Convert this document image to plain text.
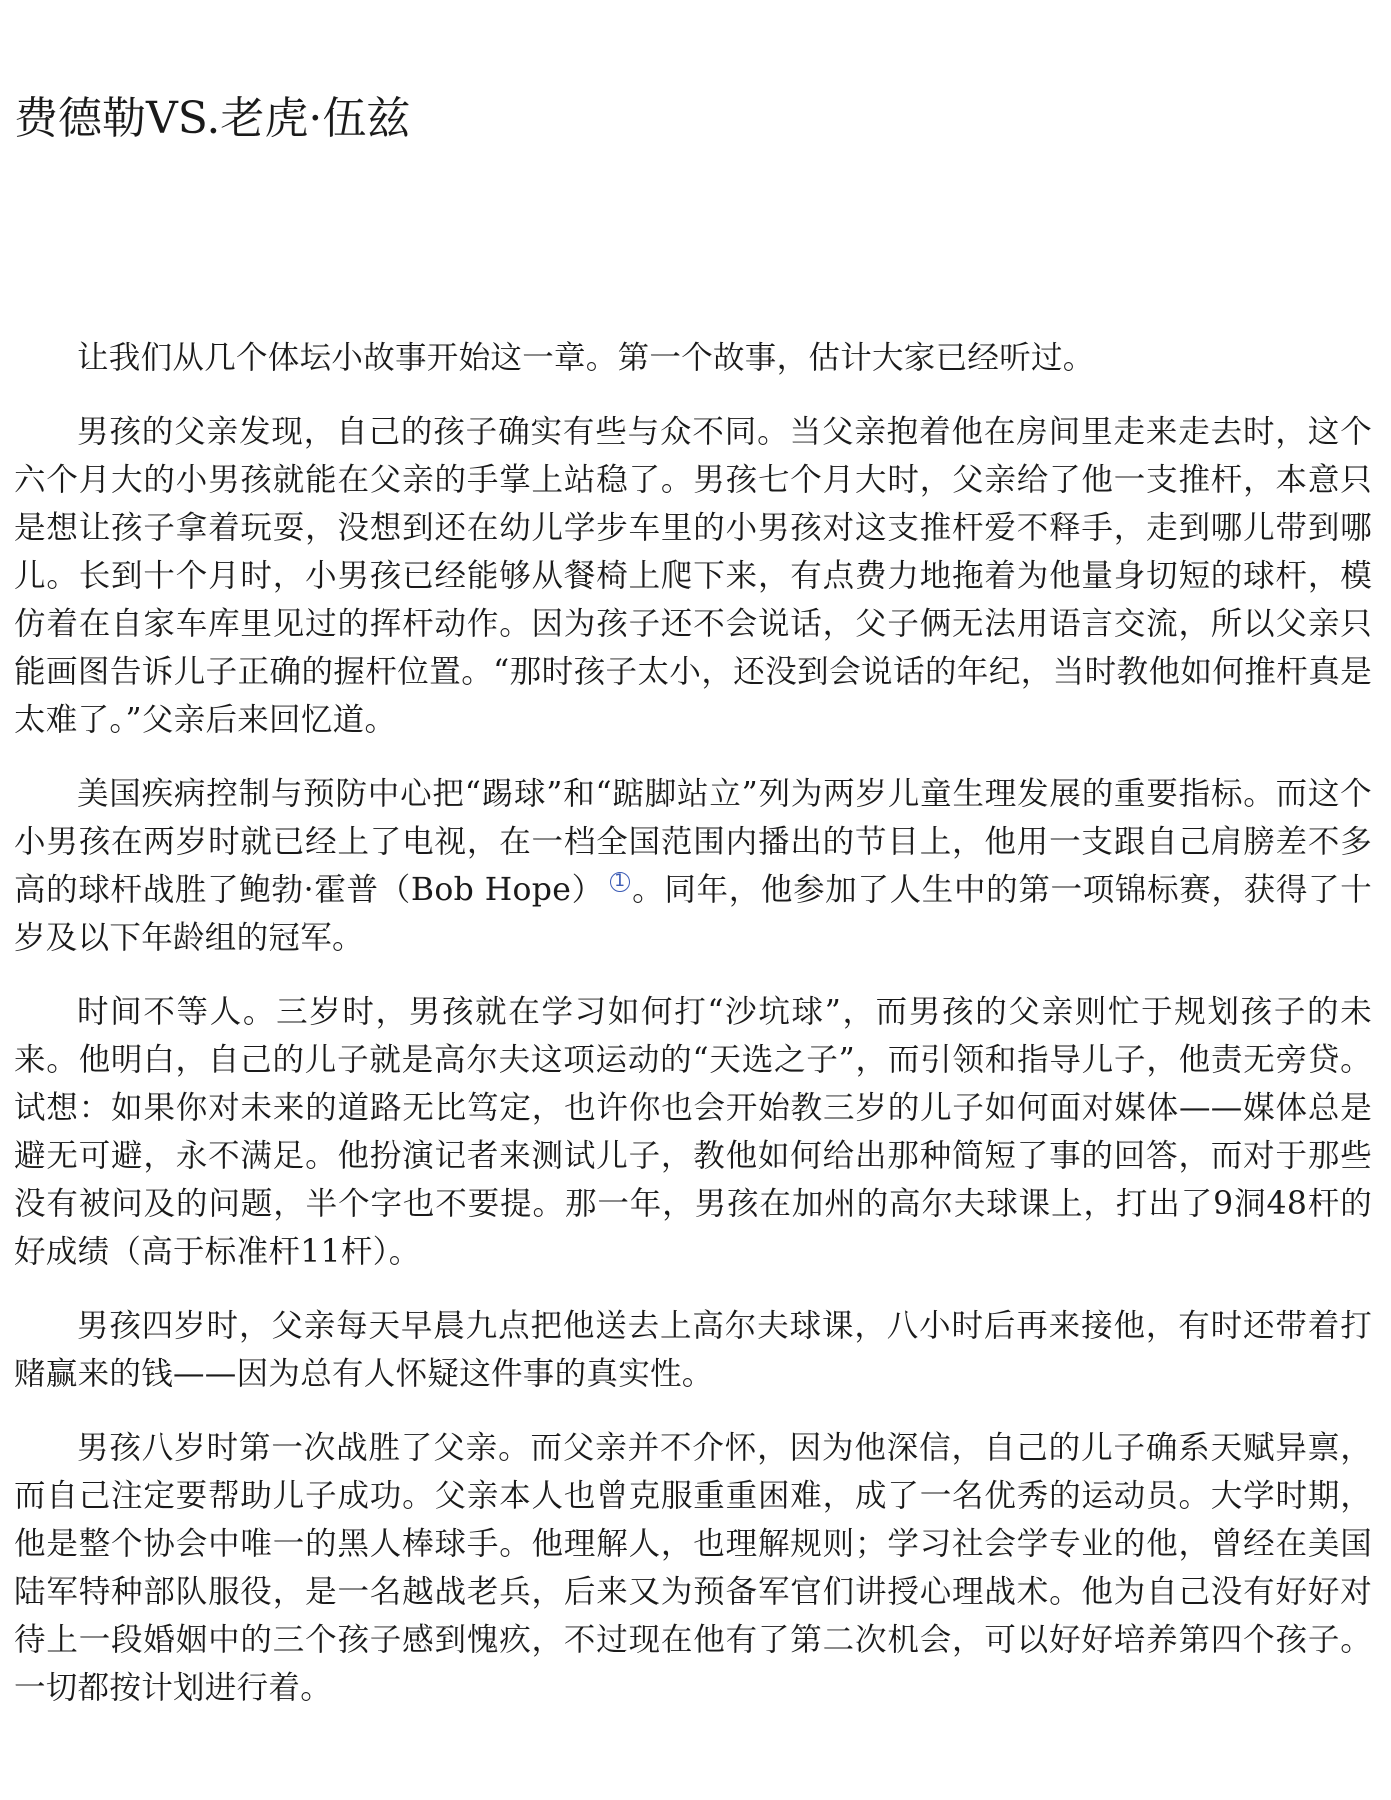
费德勒VS.老虎·伍兹

让我们从几个体坛小故事开始这一章。第一个故事，估计大家已经听过。

男孩的父亲发现，自己的孩子确实有些与众不同。当父亲抱着他在房间里走来走去时，这个六个月大的小男孩就能在父亲的手掌上站稳了。男孩七个月大时，父亲给了他一支推杆，本意只是想让孩子拿着玩耍，没想到还在幼儿学步车里的小男孩对这支推杆爱不释手，走到哪儿带到哪儿。长到十个月时，小男孩已经能够从餐椅上爬下来，有点费力地拖着为他量身切短的球杆，模仿着在自家车库里见过的挥杆动作。因为孩子还不会说话，父子俩无法用语言交流，所以父亲只能画图告诉儿子正确的握杆位置。“那时孩子太小，还没到会说话的年纪，当时教他如何推杆真是太难了。”父亲后来回忆道。

美国疾病控制与预防中心把“踢球”和“踮脚站立”列为两岁儿童生理发展的重要指标。而这个小男孩在两岁时就已经上了电视，在一档全国范围内播出的节目上，他用一支跟自己肩膀差不多高的球杆战胜了鲍勃·霍普（Bob Hope） 1 。同年，他参加了人生中的第一项锦标赛，获得了十岁及以下年龄组的冠军。

时间不等人。三岁时，男孩就在学习如何打“沙坑球”，而男孩的父亲则忙于规划孩子的未来。他明白，自己的儿子就是高尔夫这项运动的“天选之子”，而引领和指导儿子，他责无旁贷。试想：如果你对未来的道路无比笃定，也许你也会开始教三岁的儿子如何面对媒体——媒体总是避无可避，永不满足。他扮演记者来测试儿子，教他如何给出那种简短了事的回答，而对于那些没有被问及的问题，半个字也不要提。那一年，男孩在加州的高尔夫球课上，打出了9洞48杆的好成绩（高于标准杆11杆）。

男孩四岁时，父亲每天早晨九点把他送去上高尔夫球课，八小时后再来接他，有时还带着打赌赢来的钱——因为总有人怀疑这件事的真实性。

男孩八岁时第一次战胜了父亲。而父亲并不介怀，因为他深信，自己的儿子确系天赋异禀，而自己注定要帮助儿子成功。父亲本人也曾克服重重困难，成了一名优秀的运动员。大学时期，他是整个协会中唯一的黑人棒球手。他理解人，也理解规则；学习社会学专业的他，曾经在美国陆军特种部队服役，是一名越战老兵，后来又为预备军官们讲授心理战术。他为自己没有好好对待上一段婚姻中的三个孩子感到愧疚，不过现在他有了第二次机会，可以好好培养第四个孩子。一切都按计划进行着。
